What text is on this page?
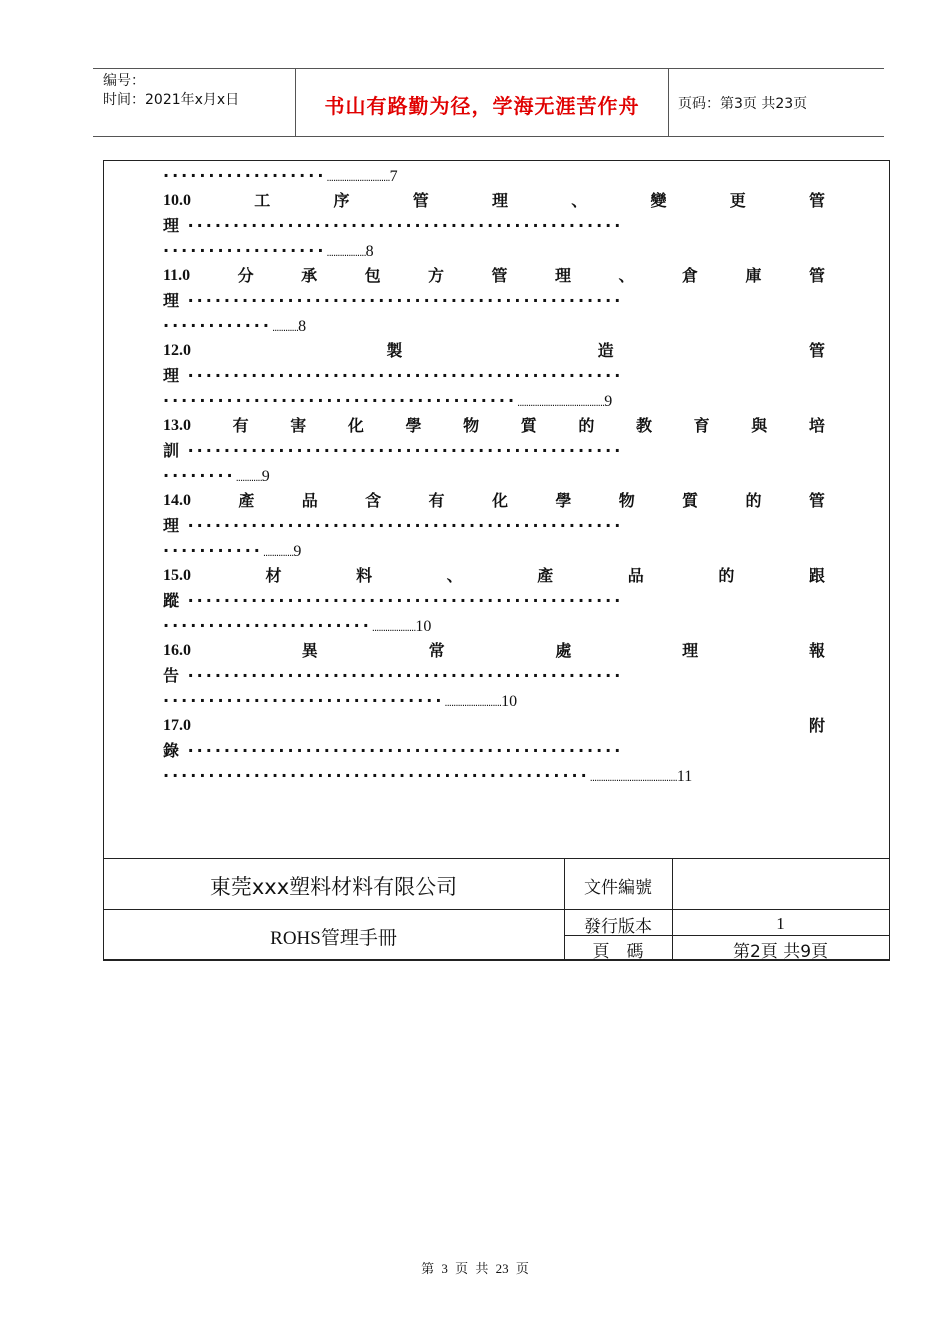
编号：
时间：2021年x月x日	书山有路勤为径，学海无涯苦作舟	页码：第3页 共23页
··················.............................7
10.0	工	序	管	理	、	變	更	管
理 ················································
··················..................8
11.0	分	承	包	方	管	理	、	倉	庫	管
理 ················································
············............8
12.0	製	造	管
理 ················································
·······································........................................9
13.0	有	害	化	學	物	質	的	教	育	與	培
訓 ················································
········............9
14.0	產	品	含	有	化	學	物	質	的	管
理 ················································
···········..............9
15.0	材	料	、	產	品	的	跟
蹤 ················································
·······················....................10
16.0	異	常	處	理	報
告 ················································
·······························..........................10
17.0	附
錄 ················································
···············································........................................11
東莞xxx塑料材料有限公司
ROHS管理手冊
文件編號
發行版本	1
頁　碼	第2頁 共9頁
第 3 页 共 23 页
